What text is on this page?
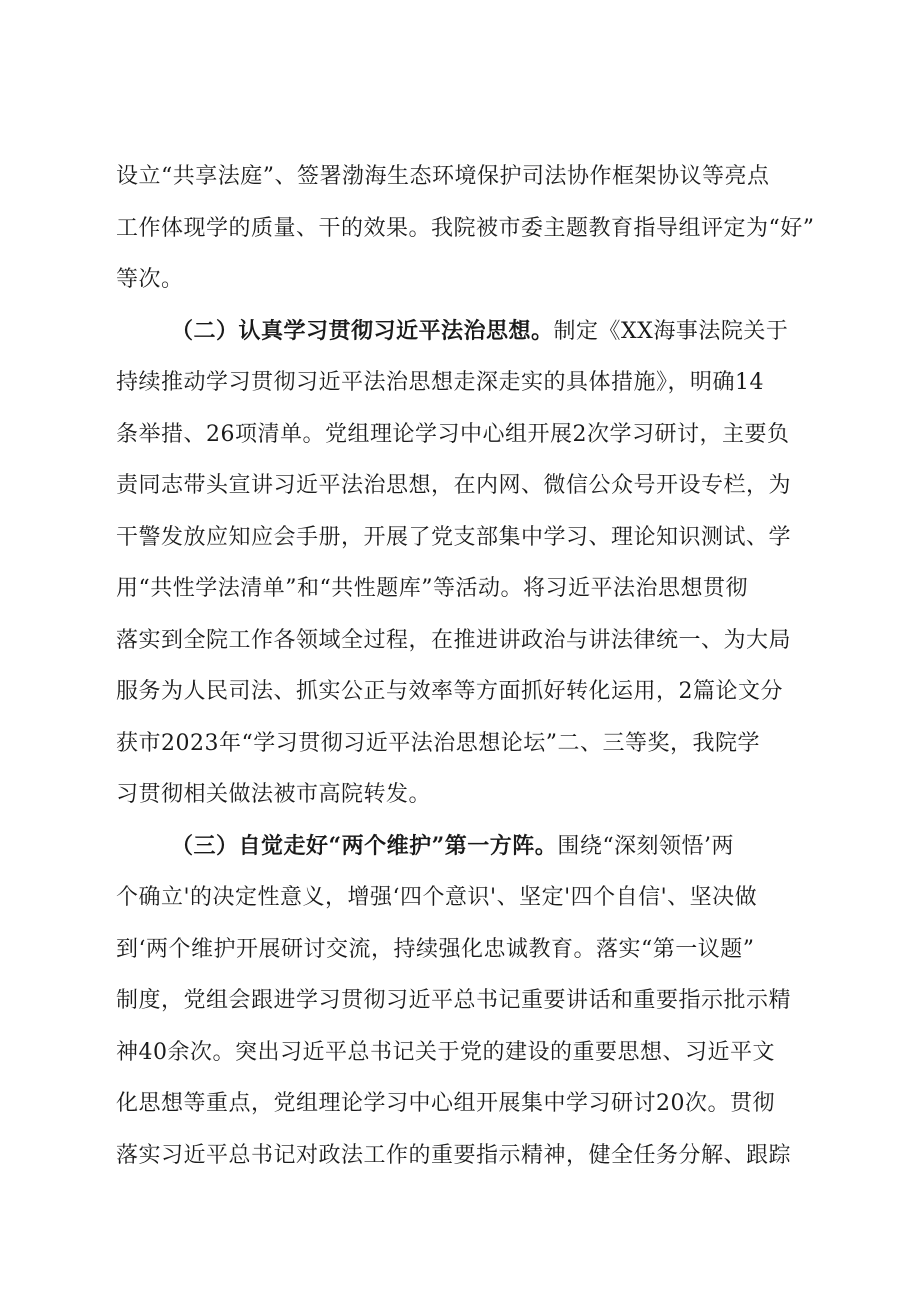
设立“共享法庭”、签署渤海生态环境保护司法协作框架协议等亮点
工作体现学的质量、干的效果。我院被市委主题教育指导组评定为“好”
等次。
（二）认真学习贯彻习近平法治思想。制定《XX海事法院关于
持续推动学习贯彻习近平法治思想走深走实的具体措施》，明确14
条举措、26项清单。党组理论学习中心组开展2次学习研讨，主要负
责同志带头宣讲习近平法治思想，在内网、微信公众号开设专栏，为
干警发放应知应会手册，开展了党支部集中学习、理论知识测试、学
用“共性学法清单”和“共性题库”等活动。将习近平法治思想贯彻
落实到全院工作各领域全过程，在推进讲政治与讲法律统一、为大局
服务为人民司法、抓实公正与效率等方面抓好转化运用，2篇论文分
获市2023年“学习贯彻习近平法治思想论坛”二、三等奖，我院学
习贯彻相关做法被市高院转发。
（三）自觉走好“两个维护”第一方阵。围绕“深刻领悟’两
个确立'的决定性意义，增强‘四个意识'、坚定'四个自信'、坚决做
到‘两个维护开展研讨交流，持续强化忠诚教育。落实“第一议题”
制度，党组会跟进学习贯彻习近平总书记重要讲话和重要指示批示精
神40余次。突出习近平总书记关于党的建设的重要思想、习近平文
化思想等重点，党组理论学习中心组开展集中学习研讨20次。贯彻
落实习近平总书记对政法工作的重要指示精神，健全任务分解、跟踪
